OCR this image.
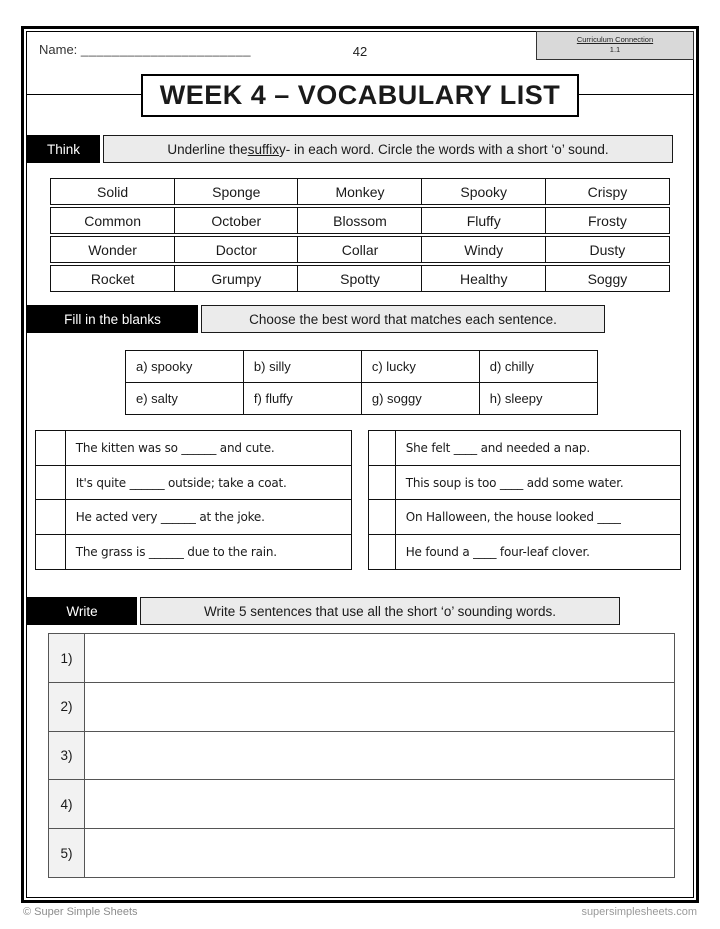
Name: ______________________	42
Curriculum Connection
1.1
WEEK 4 – VOCABULARY LIST
Think	Underline the suffix y- in each word. Circle the words with a short ‘o’ sound.
Solid	Sponge	Monkey	Spooky	Crispy
Common	October	Blossom	Fluffy	Frosty
Wonder	Doctor	Collar	Windy	Dusty
Rocket	Grumpy	Spotty	Healthy	Soggy
Fill in the blanks	Choose the best word that matches each sentence.
a) spooky	b) silly	c) lucky	d) chilly
e) salty	f) fluffy	g) soggy	h) sleepy
The kitten was so ______ and cute.
It's quite ______ outside; take a coat.
He acted very ______ at the joke.
The grass is ______ due to the rain.
She felt ____ and needed a nap.
This soup is too ____ add some water.
On Halloween, the house looked ____
He found a ____ four-leaf clover.
Write	Write 5 sentences that use all the short ‘o’ sounding words.
1)
2)
3)
4)
5)
© Super Simple Sheets	supersimplesheets.com
